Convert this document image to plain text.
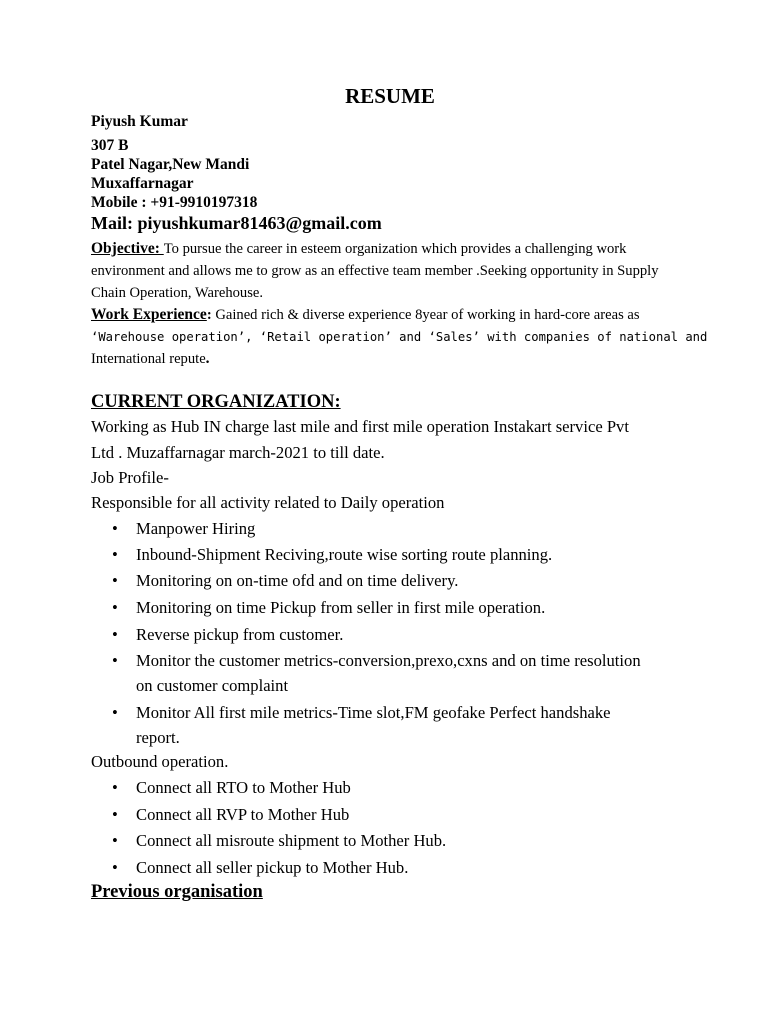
RESUME
Piyush Kumar
307 B
Patel Nagar,New Mandi
Muxaffarnagar
Mobile : +91-9910197318
Mail: piyushkumar81463@gmail.com
Objective: To pursue the career in esteem organization which provides a challenging work
environment and allows me to grow as an effective team member .Seeking opportunity in Supply
Chain Operation, Warehouse.
Work Experience: Gained rich & diverse experience 8year of working in hard-core areas as
‘Warehouse operation’, ‘Retail operation’ and ‘Sales’ with companies of national and
International repute.
CURRENT ORGANIZATION:
Working as Hub IN charge last mile and first mile operation Instakart service Pvt
Ltd . Muzaffarnagar march-2021 to till date.
Job Profile-
Responsible for all activity related to Daily operation
• Manpower Hiring
• Inbound-Shipment Reciving,route wise sorting route planning.
• Monitoring on on-time ofd and on time delivery.
• Monitoring on time Pickup from seller in first mile operation.
• Reverse pickup from customer.
• Monitor the customer metrics-conversion,prexo,cxns and on time resolution
on customer complaint
• Monitor All first mile metrics-Time slot,FM geofake Perfect handshake
report.
Outbound operation.
• Connect all RTO to Mother Hub
• Connect all RVP to Mother Hub
• Connect all misroute shipment to Mother Hub.
• Connect all seller pickup to Mother Hub.
Previous organisation
